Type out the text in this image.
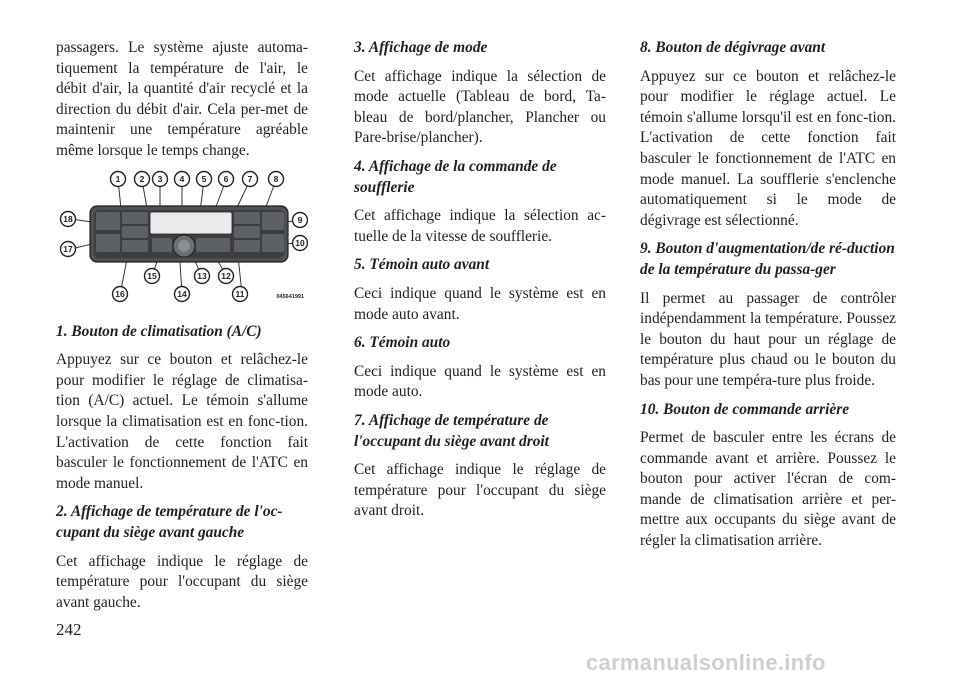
passagers. Le système ajuste automa-tiquement la température de l'air, le débit d'air, la quantité d'air recyclé et la direction du débit d'air. Cela per-met de maintenir une température agréable même lorsque le temps change.

1 2 3 4 5 6 7	8
9
10
11
12
13
14
15
16
17
18
045641991
1. Bouton de climatisation (A/C)

Appuyez sur ce bouton et relâchez-le pour modifier le réglage de climatisa-tion (A/C) actuel. Le témoin s'allume lorsque la climatisation est en fonc-tion. L'activation de cette fonction fait basculer le fonctionnement de l'ATC en mode manuel.

2. Affichage de température de l'oc-cupant du siège avant gauche

Cet affichage indique le réglage de température pour l'occupant du siège avant gauche.

3. Affichage de mode

Cet affichage indique la sélection de mode actuelle (Tableau de bord, Ta-bleau de bord/plancher, Plancher ou Pare-brise/plancher).

4. Affichage de la commande de soufflerie

Cet affichage indique la sélection ac-tuelle de la vitesse de soufflerie.

5. Témoin auto avant

Ceci indique quand le système est en mode auto avant.

6. Témoin auto

Ceci indique quand le système est en mode auto.

7. Affichage de température de l'occupant du siège avant droit

Cet affichage indique le réglage de température pour l'occupant du siège avant droit.

8. Bouton de dégivrage avant

Appuyez sur ce bouton et relâchez-le pour modifier le réglage actuel. Le témoin s'allume lorsqu'il est en fonc-tion. L'activation de cette fonction fait basculer le fonctionnement de l'ATC en mode manuel. La soufflerie s'enclenche automatiquement si le mode de dégivrage est sélectionné.

9. Bouton d'augmentation/de ré-duction de la température du passa-ger

Il permet au passager de contrôler indépendamment la température. Poussez le bouton du haut pour un réglage de température plus chaud ou le bouton du bas pour une tempéra-ture plus froide.

10. Bouton de commande arrière

Permet de basculer entre les écrans de commande avant et arrière. Poussez le bouton pour activer l'écran de com-mande de climatisation arrière et per-mettre aux occupants du siège avant de régler la climatisation arrière.

242
carmanualsonline.info
